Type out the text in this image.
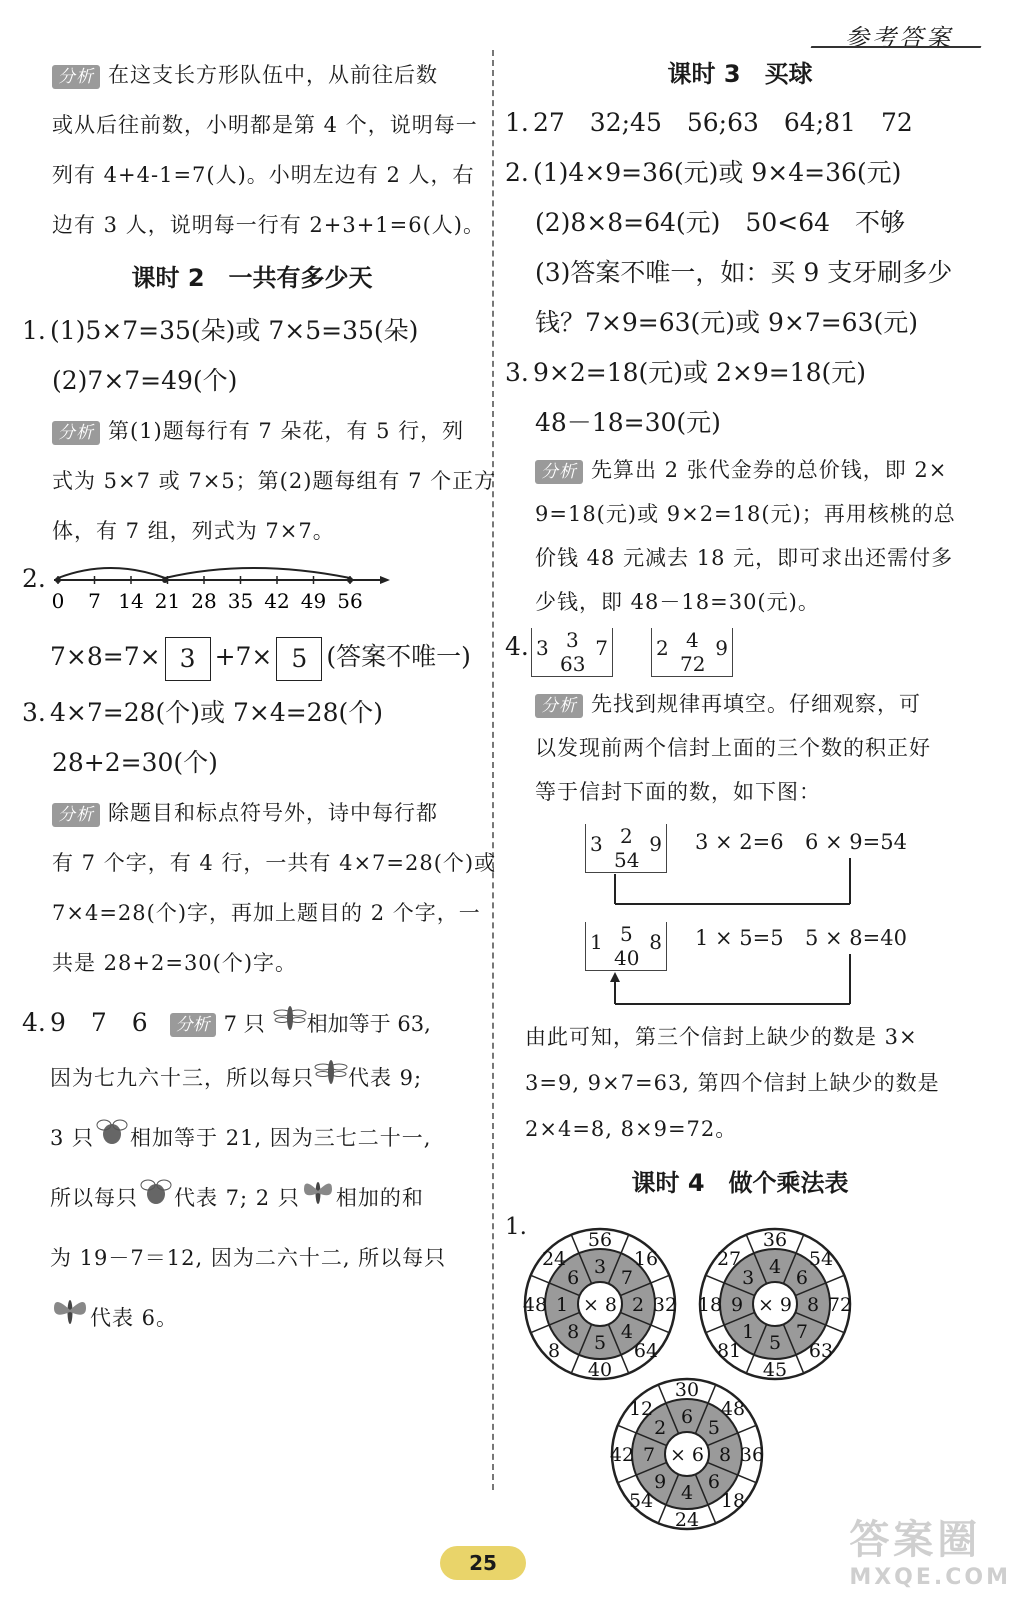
参考答案
分析 在这支长方形队伍中，从前往后数
或从后往前数，小明都是第 4 个，说明每一
列有 4+4-1=7(人)。小明左边有 2 人，右
边有 3 人，说明每一行有 2+3+1=6(人)。
课时 2　一共有多少天
1. (1)5×7=35(朵)或 7×5=35(朵)
(2)7×7=49(个)
分析 第(1)题每行有 7 朵花，有 5 行，列
式为 5×7 或 7×5；第(2)题每组有 7 个正方
体，有 7 组，列式为 7×7。
2.
0 7 14 21 28 35 42 49 56
7×8=7× 3 +7× 5 (答案不唯一)
3. 4×7=28(个)或 7×4=28(个)
28+2=30(个)
分析 除题目和标点符号外，诗中每行都
有 7 个字，有 4 行，一共有 4×7=28(个)或
7×4=28(个)字，再加上题目的 2 个字，一
共是 28+2=30(个)字。
4. 9　7　6 分析 7 只 相加等于 63,
因为七九六十三，所以每只 代表 9;
3 只 相加等于 21, 因为三七二十一,
所以每只 代表 7; 2 只 相加的和
为 19－7＝12, 因为二六十二, 所以每只
代表 6。
课时 3　买球
1. 27　32;45　56;63　64;81　72
2. (1)4×9=36(元)或 9×4=36(元)
(2)8×8=64(元)　50<64　不够
(3)答案不唯一，如：买 9 支牙刷多少
钱？7×9=63(元)或 9×7=63(元)
3. 9×2=18(元)或 2×9=18(元)
48－18=30(元)
分析 先算出 2 张代金券的总价钱，即 2×
9=18(元)或 9×2=18(元)；再用核桃的总
价钱 48 元减去 18 元，即可求出还需付多
少钱，即 48－18=30(元)。
4. 3 3 7
63
2 4 9
72
分析 先找到规律再填空。仔细观察，可
以发现前两个信封上面的三个数的积正好
等于信封下面的数，如下图：
3 2 9
54
3 × 2=6 6 × 9=54
1 5 8
40
1 × 5=5 5 × 8=40
由此可知，第三个信封上缺少的数是 3×
3=9, 9×7=63, 第四个信封上缺少的数是
2×4=8, 8×9=72。
课时 4　做个乘法表
1.
3
56
7
16
2 32
4
64
5
40
8
8
1
48
6
24
× 8
4
36
6
54
8 72
7
63
5
45
1
81
9
18
3
27
× 9
6
30
5
48
8 36
6
18
4
24
9
54
7
42
2
12
× 6
25	答案圈
MXQE.COM
